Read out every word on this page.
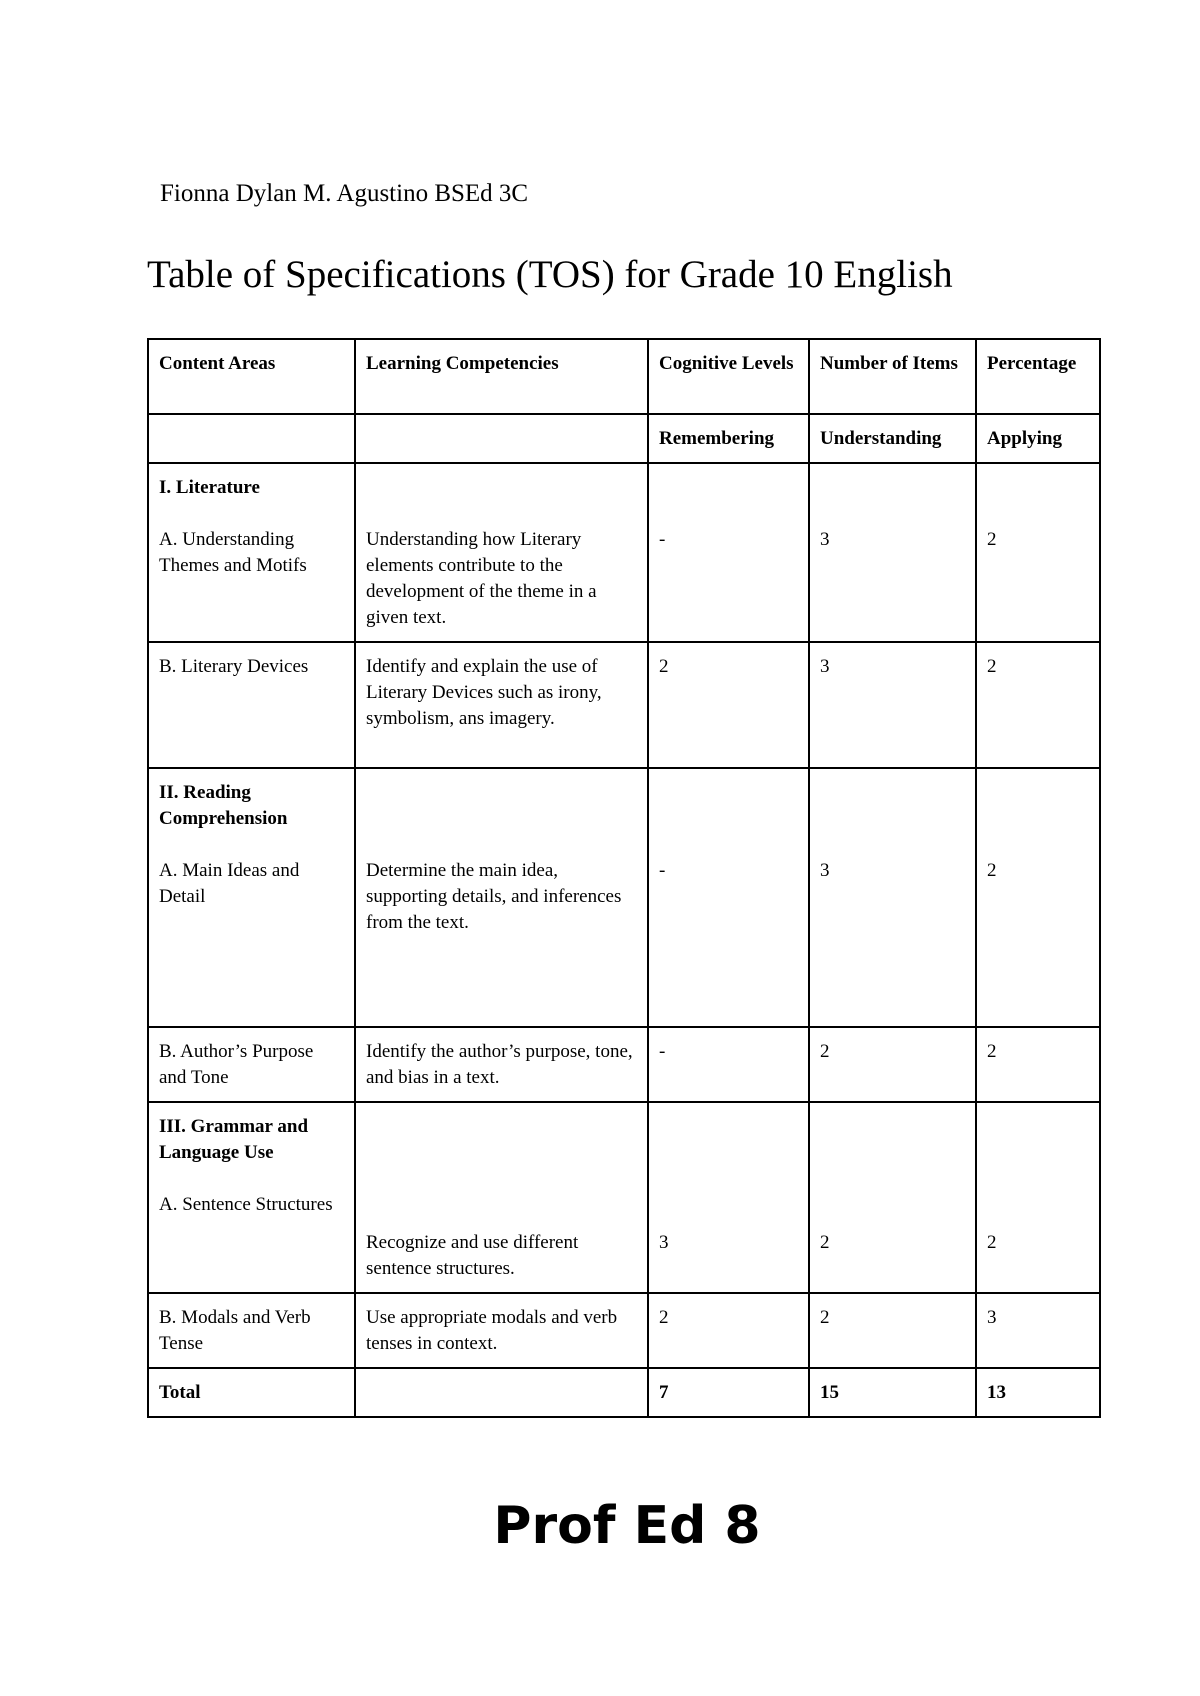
Fionna Dylan M. Agustino BSEd 3C
Table of Specifications (TOS) for Grade 10 English
Content Areas	Learning Competencies	Cognitive Levels	Number of Items	Percentage
		Remembering	Understanding	Applying

I. Literature
A. Understanding Themes and Motifs	Understanding how Literary elements contribute to the development of the theme in a given text.	-	3	2
B. Literary Devices	Identify and explain the use of Literary Devices such as irony, symbolism, ans imagery.	2	3	2

II. Reading Comprehension
A. Main Ideas and Detail	Determine the main idea, supporting details, and inferences from the text.	-	3	2
B. Author’s Purpose and Tone	Identify the author’s purpose, tone, and bias in a text.	-	2	2

III. Grammar and Language Use
A. Sentence Structures	Recognize and use different sentence structures.	3	2	2
B. Modals and Verb Tense	Use appropriate modals and verb tenses in context.	2	2	3
Total		7	15	13
Prof Ed 8
